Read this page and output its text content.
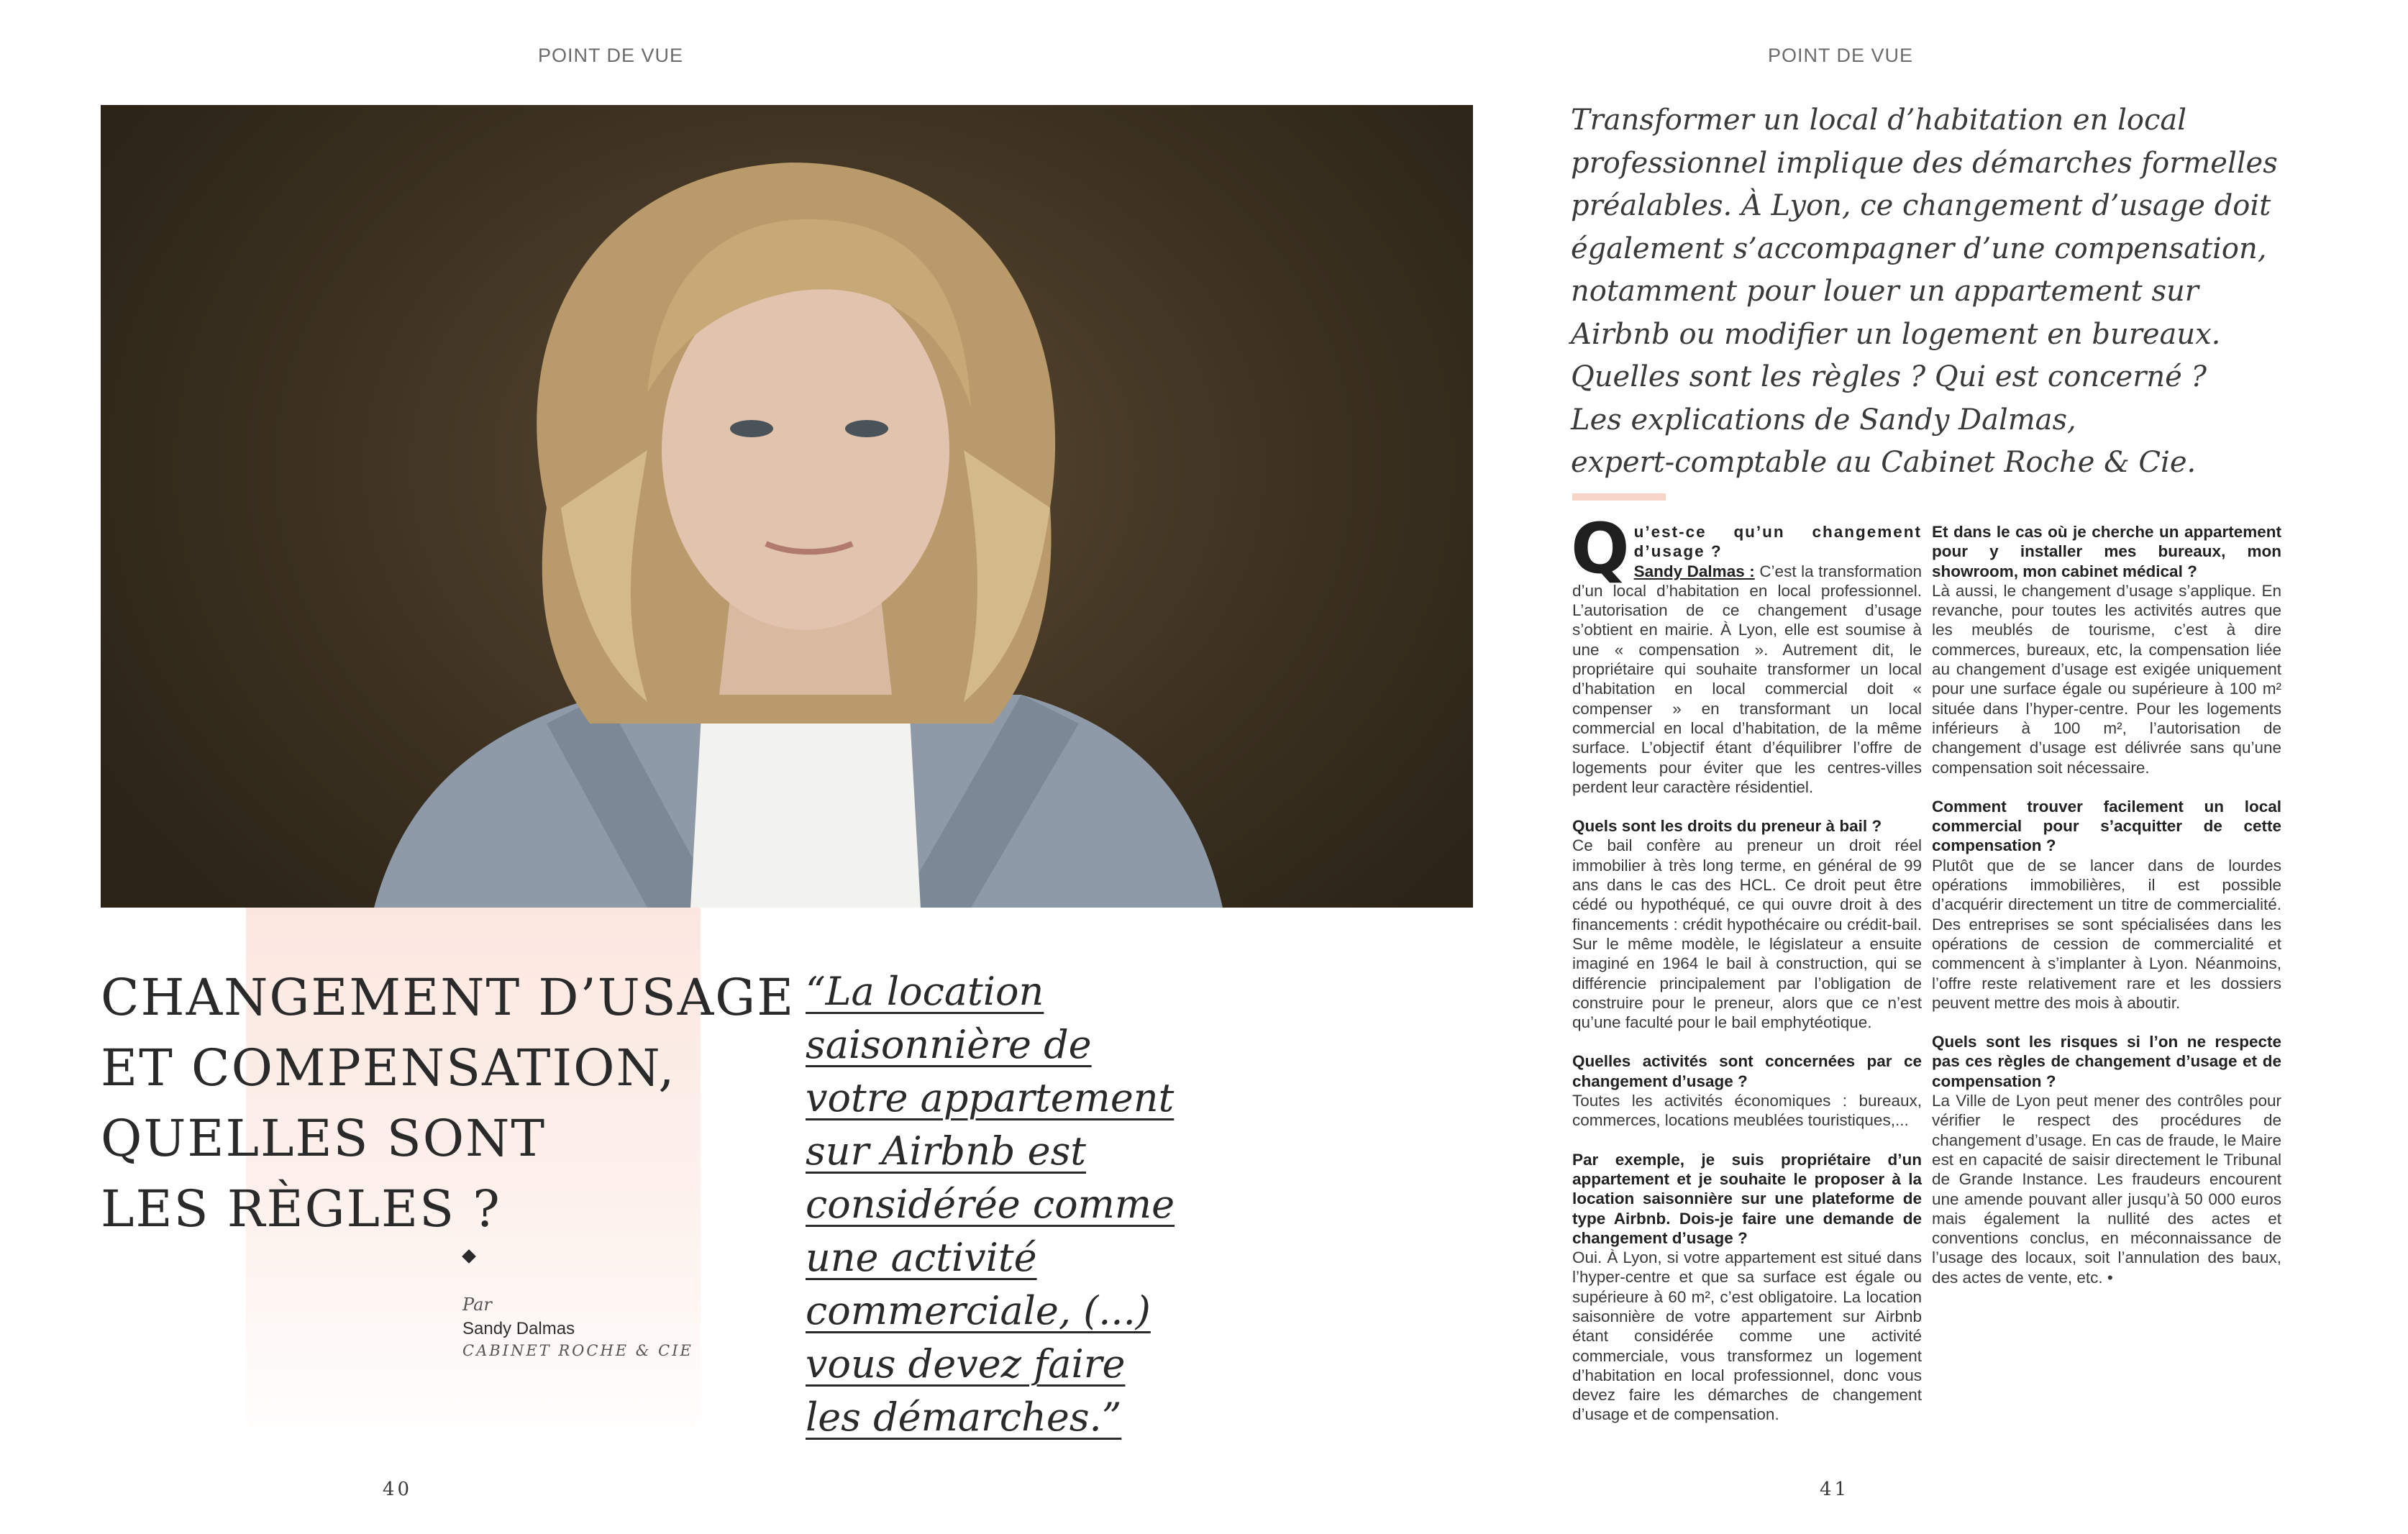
POINT DE VUE
CHANGEMENT D’USAGE
ET COMPENSATION,
QUELLES SONT
LES RÈGLES ?
Par
Sandy Dalmas
CABINET ROCHE & CIE
“La location
saisonnière de
votre appartement
sur Airbnb est
considérée comme
une activité
commerciale, (...)
vous devez faire
les démarches.”
40
POINT DE VUE
Transformer un local d’habitation en local
professionnel implique des démarches formelles
préalables. À Lyon, ce changement d’usage doit
également s’accompagner d’une compensation,
notamment pour louer un appartement sur
Airbnb ou modifier un logement en bureaux.
Quelles sont les règles ? Qui est concerné ?
Les explications de Sandy Dalmas,
expert-comptable au Cabinet Roche & Cie.

Q u’est-ce qu’un changement d’usage ?
Sandy Dalmas : C’est la transformation d’un local d’habitation en local professionnel. L’autorisation de ce changement d’usage s’obtient en mairie. À Lyon, elle est soumise à une « compensation ». Autrement dit, le propriétaire qui souhaite transformer un local d’habitation en local commercial doit « compenser » en transformant un local commercial en local d’habitation, de la même surface. L’objectif étant d’équilibrer l’offre de logements pour éviter que les centres-villes perdent leur caractère résidentiel.

Quels sont les droits du preneur à bail ?
Ce bail confère au preneur un droit réel immobilier à très long terme, en général de 99 ans dans le cas des HCL. Ce droit peut être cédé ou hypothéqué, ce qui ouvre droit à des financements : crédit hypothécaire ou crédit-bail. Sur le même modèle, le législateur a ensuite imaginé en 1964 le bail à construction, qui se différencie principalement par l’obligation de construire pour le preneur, alors que ce n’est qu’une faculté pour le bail emphytéotique.

Quelles activités sont concernées par ce changement d’usage ?
Toutes les activités économiques : bureaux, commerces, locations meublées touristiques,...

Par exemple, je suis propriétaire d’un appartement et je souhaite le proposer à la location saisonnière sur une plateforme de type Airbnb. Dois-je faire une demande de changement d’usage ?
Oui. À Lyon, si votre appartement est situé dans l’hyper-centre et que sa surface est égale ou supérieure à 60 m², c’est obligatoire. La location saisonnière de votre appartement sur Airbnb étant considérée comme une activité commerciale, vous transformez un logement d’habitation en local professionnel, donc vous devez faire les démarches de changement d’usage et de compensation.

Et dans le cas où je cherche un appartement pour y installer mes bureaux, mon showroom, mon cabinet médical ?
Là aussi, le changement d’usage s’applique. En revanche, pour toutes les activités autres que les meublés de tourisme, c’est à dire commerces, bureaux, etc, la compensation liée au changement d’usage est exigée uniquement pour une surface égale ou supérieure à 100 m² située dans l’hyper-centre. Pour les logements inférieurs à 100 m², l’autorisation de changement d’usage est délivrée sans qu’une compensation soit nécessaire.

Comment trouver facilement un local commercial pour s’acquitter de cette compensation ?
Plutôt que de se lancer dans de lourdes opérations immobilières, il est possible d’acquérir directement un titre de commercialité. Des entreprises se sont spécialisées dans les opérations de cession de commercialité et commencent à s’implanter à Lyon. Néanmoins, l’offre reste relativement rare et les dossiers peuvent mettre des mois à aboutir.

Quels sont les risques si l’on ne respecte pas ces règles de changement d’usage et de compensation ?
La Ville de Lyon peut mener des contrôles pour vérifier le respect des procédures de changement d’usage. En cas de fraude, le Maire est en capacité de saisir directement le Tribunal de Grande Instance. Les fraudeurs encourent une amende pouvant aller jusqu’à 50 000 euros mais également la nullité des actes et conventions conclus, en méconnaissance de l’usage des locaux, soit l’annulation des baux, des actes de vente, etc. •

41
